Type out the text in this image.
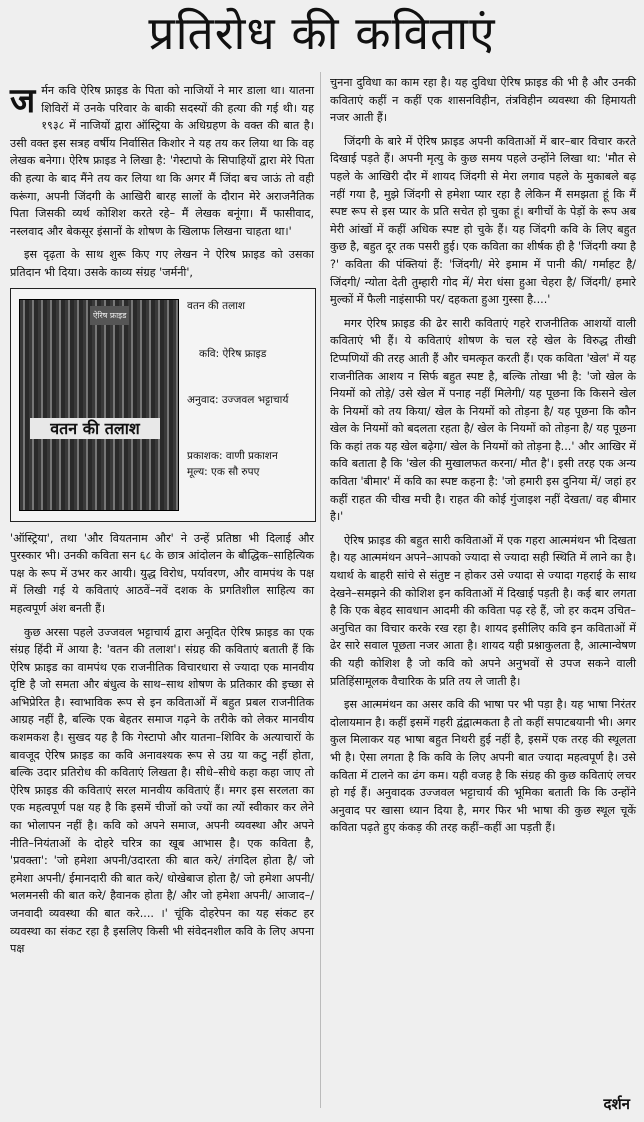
प्रतिरोध की कविताएं

जर्मन कवि ऐरिष फ्राइड के पिता को नाजियों ने मार डाला था। यातना शिविरों में उनके परिवार के बाकी सदस्यों की हत्या की गई थी। यह १९३८ में नाजियों द्वारा ऑस्ट्रिया के अधिग्रहण के वक्त की बात है। उसी वक्त इस सत्रह वर्षीय निर्वासित किशोर ने यह तय कर लिया था कि वह लेखक बनेगा। ऐरिष फ्राइड ने लिखा है: 'गेस्टापो के सिपाहियों द्वारा मेरे पिता की हत्या के बाद मैंने तय कर लिया था कि अगर मैं जिंदा बच जाऊं तो वही करूंगा, अपनी जिंदगी के आखिरी बारह सालों के दौरान मेरे अराजनैतिक पिता जिसकी व्यर्थ कोशिश करते रहे– मैं लेखक बनूंगा। मैं फासीवाद, नस्लवाद और बेकसूर इंसानों के शोषण के खिलाफ लिखना चाहता था।'

इस दृढ़ता के साथ शुरू किए गए लेखन ने ऐरिष फ्राइड को उसका प्रतिदान भी दिया। उसके काव्य संग्रह 'जर्मनी',

ऐरिष फ्राइड
वतन की तलाश
वतन की तलाश
कवि: ऐरिष फ्राइड
अनुवाद: उज्जवल भट्टाचार्य
प्रकाशक: वाणी प्रकाशन
मूल्य: एक सौ रुपए

'ऑस्ट्रिया', तथा 'और वियतनाम और' ने उन्हें प्रतिष्ठा भी दिलाई और पुरस्कार भी। उनकी कविता सन ६८ के छात्र आंदोलन के बौद्धिक–साहित्यिक पक्ष के रूप में उभर कर आयी। युद्ध विरोध, पर्यावरण, और वामपंथ के पक्ष में लिखी गई ये कविताएं आठवें–नवें दशक के प्रगतिशील साहित्य का महत्वपूर्ण अंश बनती हैं।

कुछ अरसा पहले उज्जवल भट्टाचार्य द्वारा अनूदित ऐरिष फ्राइड का एक संग्रह हिंदी में आया है: 'वतन की तलाश'। संग्रह की कविताएं बताती हैं कि ऐरिष फ्राइड का वामपंथ एक राजनीतिक विचारधारा से ज्यादा एक मानवीय दृष्टि है जो समता और बंधुत्व के साथ–साथ शोषण के प्रतिकार की इच्छा से अभिप्रेरित है। स्वाभाविक रूप से इन कविताओं में बहुत प्रबल राजनीतिक आग्रह नहीं है, बल्कि एक बेहतर समाज गढ़ने के तरीके को लेकर मानवीय कशमकश है। सुखद यह है कि गेस्टापो और यातना–शिविर के अत्याचारों के बावजूद ऐरिष फ्राइड का कवि अनावश्यक रूप से उग्र या कटु नहीं होता, बल्कि उदार प्रतिरोध की कविताएं लिखता है। सीधे–सीधे कहा कहा जाए तो ऐरिष फ्राइड की कविताएं सरल मानवीय कविताएं हैं। मगर इस सरलता का एक महत्वपूर्ण पक्ष यह है कि इसमें चीजों को ज्यों का त्यों स्वीकार कर लेने का भोलापन नहीं है। कवि को अपने समाज, अपनी व्यवस्था और अपने नीति–नियंताओं के दोहरे चरित्र का खूब आभास है। एक कविता है, 'प्रवक्ता': 'जो हमेशा अपनी/उदारता की बात करे/ तंगदिल होता है/ जो हमेशा अपनी/ ईमानदारी की बात करे/ धोखेबाज होता है/ जो हमेशा अपनी/ भलमनसी की बात करे/ हैवानक होता है/ और जो हमेशा अपनी/ आजाद–/ जनवादी व्यवस्था की बात करे.... ।' चूंकि दोहरेपन का यह संकट हर व्यवस्था का संकट रहा है इसलिए किसी भी संवेदनशील कवि के लिए अपना पक्ष

चुनना दुविधा का काम रहा है। यह दुविधा ऐरिष फ्राइड की भी है और उनकी कविताएं कहीं न कहीं एक शासनविहीन, तंत्रविहीन व्यवस्था की हिमायती नजर आती हैं।

जिंदगी के बारे में ऐरिष फ्राइड अपनी कविताओं में बार–बार विचार करते दिखाई पड़ते हैं। अपनी मृत्यु के कुछ समय पहले उन्होंने लिखा था: 'मौत से पहले के आखिरी दौर में शायद जिंदगी से मेरा लगाव पहले के मुकाबले बढ़ नहीं गया है, मुझे जिंदगी से हमेशा प्यार रहा है लेकिन मैं समझता हूं कि मैं स्पष्ट रूप से इस प्यार के प्रति सचेत हो चुका हूं। बगीचों के पेड़ों के रूप अब मेरी आंखों में कहीं अधिक स्पष्ट हो चुके हैं। यह जिंदगी कवि के लिए बहुत कुछ है, बहुत दूर तक पसरी हुई। एक कविता का शीर्षक ही है 'जिंदगी क्या है ?' कविता की पंक्तियां हैं: 'जिंदगी/ मेरे इमाम में पानी की/ गर्माहट है/ जिंदगी/ न्योता देती तुम्हारी गोद में/ मेरा धंसा हुआ चेहरा है/ जिंदगी/ हमारे मुल्कों में फैली नाइंसाफी पर/ दहकता हुआ गुस्सा है....'

मगर ऐरिष फ्राइड की ढेर सारी कविताएं गहरे राजनीतिक आशयों वाली कविताएं भी हैं। ये कविताएं शोषण के चल रहे खेल के विरुद्ध तीखी टिप्पणियों की तरह आती हैं और चमत्कृत करती हैं। एक कविता 'खेल' में यह राजनीतिक आशय न सिर्फ बहुत स्पष्ट है, बल्कि तोखा भी है: 'जो खेल के नियमों को तोड़े/ उसे खेल में पनाह नहीं मिलेगी/ यह पूछना कि किसने खेल के नियमों को तय किया/ खेल के नियमों को तोड़ना है/ यह पूछना कि कौन खेल के नियमों को बदलता रहता है/ खेल के नियमों को तोड़ना है/ यह पूछना कि कहां तक यह खेल बढ़ेगा/ खेल के नियमों को तोड़ना है...' और आखिर में कवि बताता है कि 'खेल की मुखालफत करना/ मौत है'। इसी तरह एक अन्य कविता 'बीमार' में कवि का स्पष्ट कहना है: 'जो हमारी इस दुनिया में/ जहां हर कहीं राहत की चीख मची है। राहत की कोई गुंजाइश नहीं देखता/ वह बीमार है।'

ऐरिष फ्राइड की बहुत सारी कविताओं में एक गहरा आत्ममंथन भी दिखता है। यह आत्ममंथन अपने–आपको ज्यादा से ज्यादा सही स्थिति में लाने का है। यथार्थ के बाहरी सांचे से संतुष्ट न होकर उसे ज्यादा से ज्यादा गहराई के साथ देखने–समझने की कोशिश इन कविताओं में दिखाई पड़ती है। कई बार लगता है कि एक बेहद सावधान आदमी की कविता पढ़ रहे हैं, जो हर कदम उचित–अनुचित का विचार करके रख रहा है। शायद इसीलिए कवि इन कविताओं में ढेर सारे सवाल पूछता नजर आता है। शायद यही प्रश्नाकुलता है, आत्मान्वेषण की यही कोशिश है जो कवि को अपने अनुभवों से उपज सकने वाली प्रतिहिंसामूलक वैचारिक के प्रति तय ले जाती है।

इस आत्ममंथन का असर कवि की भाषा पर भी पड़ा है। यह भाषा निरंतर दोलायमान है। कहीं इसमें गहरी द्वंद्वात्मकता है तो कहीं सपाटबयानी भी। अगर कुल मिलाकर यह भाषा बहुत निथरी हुई नहीं है, इसमें एक तरह की स्थूलता भी है। ऐसा लगता है कि कवि के लिए अपनी बात ज्यादा महत्वपूर्ण है। उसे कविता में टालने का ढंग कम। यही वजह है कि संग्रह की कुछ कविताएं लचर हो गई हैं। अनुवादक उज्जवल भट्टाचार्य की भूमिका बताती कि कि उन्होंने अनुवाद पर खासा ध्यान दिया है, मगर फिर भी भाषा की कुछ स्थूल चूकें कविता पढ़ते हुए कंकड़ की तरह कहीं–कहीं आ पड़ती हैं।

दर्शन
